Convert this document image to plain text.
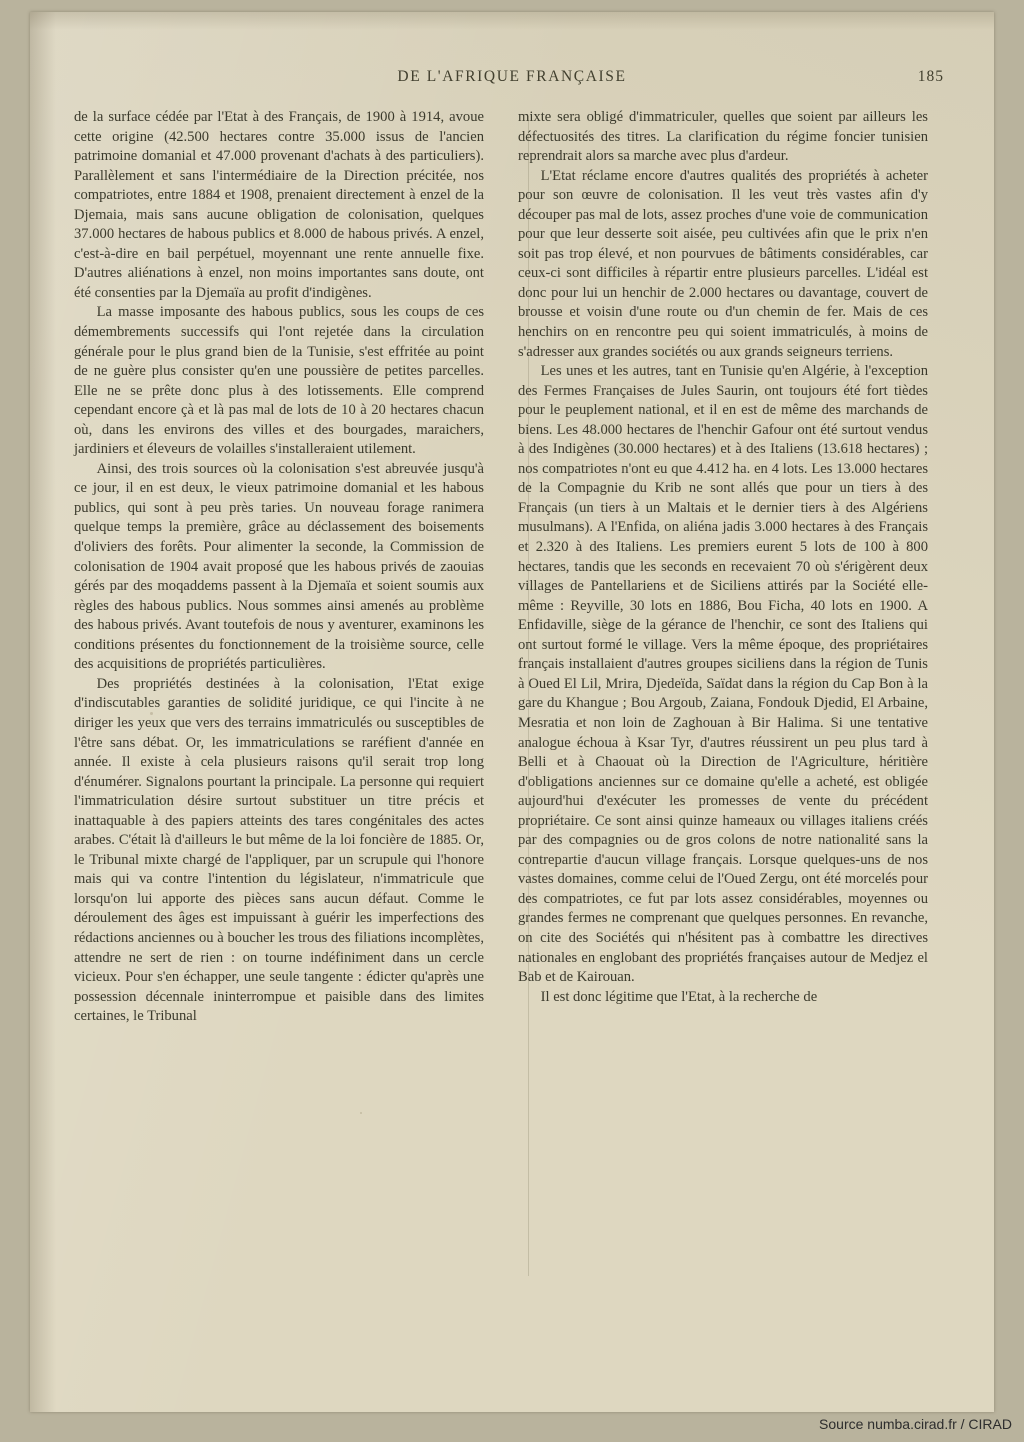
DE L'AFRIQUE FRANÇAISE	185

de la surface cédée par l'Etat à des Français, de 1900 à 1914, avoue cette origine (42.500 hectares contre 35.000 issus de l'ancien patrimoine domanial et 47.000 provenant d'achats à des particuliers). Parallèlement et sans l'intermédiaire de la Direction précitée, nos compatriotes, entre 1884 et 1908, prenaient directement à enzel de la Djemaia, mais sans aucune obligation de colonisation, quelques 37.000 hectares de habous publics et 8.000 de habous privés. A enzel, c'est-à-dire en bail perpétuel, moyennant une rente annuelle fixe. D'autres aliénations à enzel, non moins importantes sans doute, ont été consenties par la Djemaïa au profit d'indigènes.

La masse imposante des habous publics, sous les coups de ces démembrements successifs qui l'ont rejetée dans la circulation générale pour le plus grand bien de la Tunisie, s'est effritée au point de ne guère plus consister qu'en une poussière de petites parcelles. Elle ne se prête donc plus à des lotissements. Elle comprend cependant encore çà et là pas mal de lots de 10 à 20 hectares chacun où, dans les environs des villes et des bourgades, maraichers, jardiniers et éleveurs de volailles s'installeraient utilement.

Ainsi, des trois sources où la colonisation s'est abreuvée jusqu'à ce jour, il en est deux, le vieux patrimoine domanial et les habous publics, qui sont à peu près taries. Un nouveau forage ranimera quelque temps la première, grâce au déclassement des boisements d'oliviers des forêts. Pour alimenter la seconde, la Commission de colonisation de 1904 avait proposé que les habous privés de zaouias gérés par des moqaddems passent à la Djemaïa et soient soumis aux règles des habous publics. Nous sommes ainsi amenés au problème des habous privés. Avant toutefois de nous y aventurer, examinons les conditions présentes du fonctionnement de la troisième source, celle des acquisitions de propriétés particulières.

Des propriétés destinées à la colonisation, l'Etat exige d'indiscutables garanties de solidité juridique, ce qui l'incite à ne diriger les yeux que vers des terrains immatriculés ou susceptibles de l'être sans débat. Or, les immatriculations se raréfient d'année en année. Il existe à cela plusieurs raisons qu'il serait trop long d'énumérer. Signalons pourtant la principale. La personne qui requiert l'immatriculation désire surtout substituer un titre précis et inattaquable à des papiers atteints des tares congénitales des actes arabes. C'était là d'ailleurs le but même de la loi foncière de 1885. Or, le Tribunal mixte chargé de l'appliquer, par un scrupule qui l'honore mais qui va contre l'intention du législateur, n'immatricule que lorsqu'on lui apporte des pièces sans aucun défaut. Comme le déroulement des âges est impuissant à guérir les imperfections des rédactions anciennes ou à boucher les trous des filiations incomplètes, attendre ne sert de rien : on tourne indéfiniment dans un cercle vicieux. Pour s'en échapper, une seule tangente : édicter qu'après une possession décennale ininterrompue et paisible dans des limites certaines, le Tribunal

mixte sera obligé d'immatriculer, quelles que soient par ailleurs les défectuosités des titres. La clarification du régime foncier tunisien reprendrait alors sa marche avec plus d'ardeur.

L'Etat réclame encore d'autres qualités des propriétés à acheter pour son œuvre de colonisation. Il les veut très vastes afin d'y découper pas mal de lots, assez proches d'une voie de communication pour que leur desserte soit aisée, peu cultivées afin que le prix n'en soit pas trop élevé, et non pourvues de bâtiments considérables, car ceux-ci sont difficiles à répartir entre plusieurs parcelles. L'idéal est donc pour lui un henchir de 2.000 hectares ou davantage, couvert de brousse et voisin d'une route ou d'un chemin de fer. Mais de ces henchirs on en rencontre peu qui soient immatriculés, à moins de s'adresser aux grandes sociétés ou aux grands seigneurs terriens.

Les unes et les autres, tant en Tunisie qu'en Algérie, à l'exception des Fermes Françaises de Jules Saurin, ont toujours été fort tièdes pour le peuplement national, et il en est de même des marchands de biens. Les 48.000 hectares de l'henchir Gafour ont été surtout vendus à des Indigènes (30.000 hectares) et à des Italiens (13.618 hectares) ; nos compatriotes n'ont eu que 4.412 ha. en 4 lots. Les 13.000 hectares de la Compagnie du Krib ne sont allés que pour un tiers à des Français (un tiers à un Maltais et le dernier tiers à des Algériens musulmans). A l'Enfida, on aliéna jadis 3.000 hectares à des Français et 2.320 à des Italiens. Les premiers eurent 5 lots de 100 à 800 hectares, tandis que les seconds en recevaient 70 où s'érigèrent deux villages de Pantellariens et de Siciliens attirés par la Société elle-même : Reyville, 30 lots en 1886, Bou Ficha, 40 lots en 1900. A Enfidaville, siège de la gérance de l'henchir, ce sont des Italiens qui ont surtout formé le village. Vers la même époque, des propriétaires français installaient d'autres groupes siciliens dans la région de Tunis à Oued El Lil, Mrira, Djedeïda, Saïdat dans la région du Cap Bon à la gare du Khangue ; Bou Argoub, Zaiana, Fondouk Djedid, El Arbaine, Mesratia et non loin de Zaghouan à Bir Halima. Si une tentative analogue échoua à Ksar Tyr, d'autres réussirent un peu plus tard à Belli et à Chaouat où la Direction de l'Agriculture, héritière d'obligations anciennes sur ce domaine qu'elle a acheté, est obligée aujourd'hui d'exécuter les promesses de vente du précédent propriétaire. Ce sont ainsi quinze hameaux ou villages italiens créés par des compagnies ou de gros colons de notre nationalité sans la contrepartie d'aucun village français. Lorsque quelques-uns de nos vastes domaines, comme celui de l'Oued Zergu, ont été morcelés pour des compatriotes, ce fut par lots assez considérables, moyennes ou grandes fermes ne comprenant que quelques personnes. En revanche, on cite des Sociétés qui n'hésitent pas à combattre les directives nationales en englobant des propriétés françaises autour de Medjez el Bab et de Kairouan.

Il est donc légitime que l'Etat, à la recherche de

Source numba.cirad.fr / CIRAD
